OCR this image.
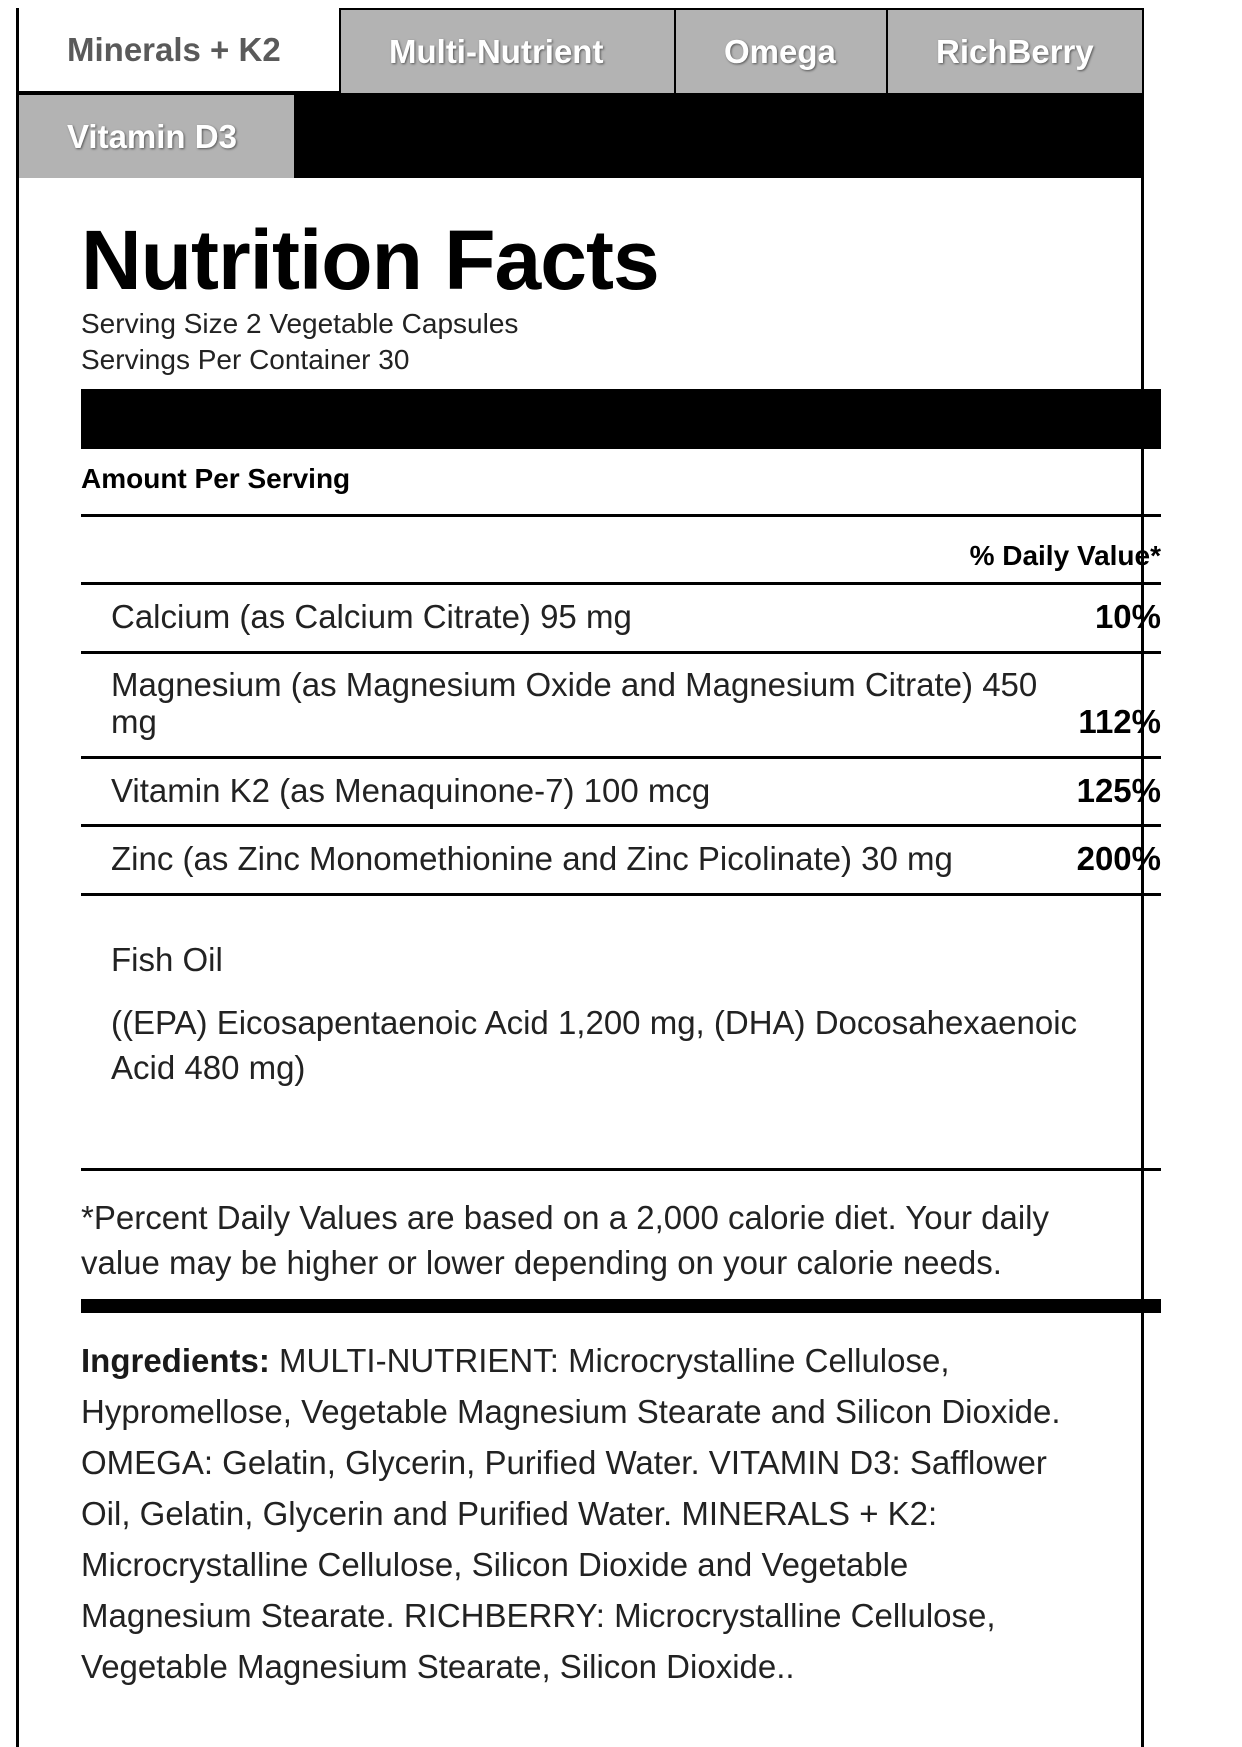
Minerals + K2	Multi-Nutrient	Omega	RichBerry
Vitamin D3
Nutrition Facts
Serving Size 2 Vegetable Capsules
Servings Per Container 30
Amount Per Serving
% Daily Value*
Calcium (as Calcium Citrate) 95 mg	10%
Magnesium (as Magnesium Oxide and Magnesium Citrate) 450
mg	112%
Vitamin K2 (as Menaquinone-7) 100 mcg	125%
Zinc (as Zinc Monomethionine and Zinc Picolinate) 30 mg	200%
Fish Oil
((EPA) Eicosapentaenoic Acid 1,200 mg, (DHA) Docosahexaenoic
Acid 480 mg)
*Percent Daily Values are based on a 2,000 calorie diet. Your daily
value may be higher or lower depending on your calorie needs.
Ingredients: MULTI-NUTRIENT: Microcrystalline Cellulose,
Hypromellose, Vegetable Magnesium Stearate and Silicon Dioxide.
OMEGA: Gelatin, Glycerin, Purified Water. VITAMIN D3: Safflower
Oil, Gelatin, Glycerin and Purified Water. MINERALS + K2:
Microcrystalline Cellulose, Silicon Dioxide and Vegetable
Magnesium Stearate. RICHBERRY: Microcrystalline Cellulose,
Vegetable Magnesium Stearate, Silicon Dioxide..
